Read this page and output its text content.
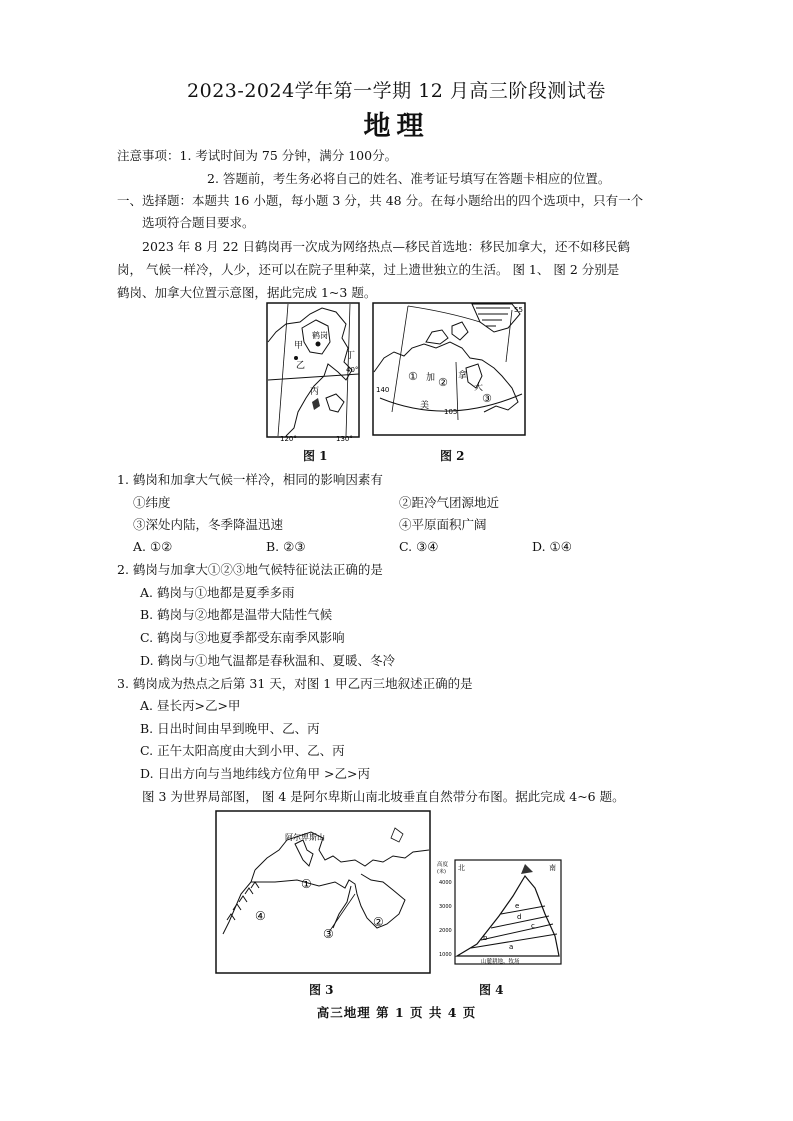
2023-2024学年第一学期 12 月高三阶段测试卷
地理
注意事项：1. 考试时间为 75 分钟，满分 100分。
2. 答题前，考生务必将自己的姓名、准考证号填写在答题卡相应的位置。
一、选择题：本题共 16 小题，每小题 3 分，共 48 分。在每小题给出的四个选项中，只有一个
选项符合题目要求。
2023 年 8 月 22 日鹤岗再一次成为网络热点—移民首选地：移民加拿大，还不如移民鹤
岗， 气候一样冷，人少，还可以在院子里种菜，过上遗世独立的生活。 图 1、 图 2 分别是
鹤岗、加拿大位置示意图，据此完成 1~3 题。
甲
鹤岗
乙
丁
丙
40°
120°	130°
图 1
① 加 ② 拿
大
③
美
140
105
55
图 2
1. 鹤岗和加拿大气候一样冷，相同的影响因素有
①纬度	②距冷气团源地近
③深处内陆，冬季降温迅速	④平原面积广阔
A. ①②	B. ②③	C. ③④	D. ①④
2. 鹤岗与加拿大①②③地气候特征说法正确的是
A. 鹤岗与①地都是夏季多雨
B. 鹤岗与②地都是温带大陆性气候
C. 鹤岗与③地夏季都受东南季风影响
D. 鹤岗与①地气温都是春秋温和、夏暖、冬冷
3. 鹤岗成为热点之后第 31 天，对图 1 甲乙丙三地叙述正确的是
A. 昼长丙>乙>甲
B. 日出时间由早到晚甲、乙、丙
C. 正午太阳高度由大到小甲、乙、丙
D. 日出方向与当地纬线方位角甲 >乙>丙
图 3 为世界局部图， 图 4 是阿尔卑斯山南北坡垂直自然带分布图。据此完成 4~6 题。
阿尔卑斯山
①
②
③
④
图 3
高度
(米) 北	南
4000
3000
2000
1000
a
b
c
d
e
山麓耕地、牧场
图 4
高三地理 第 1 页 共 4 页
